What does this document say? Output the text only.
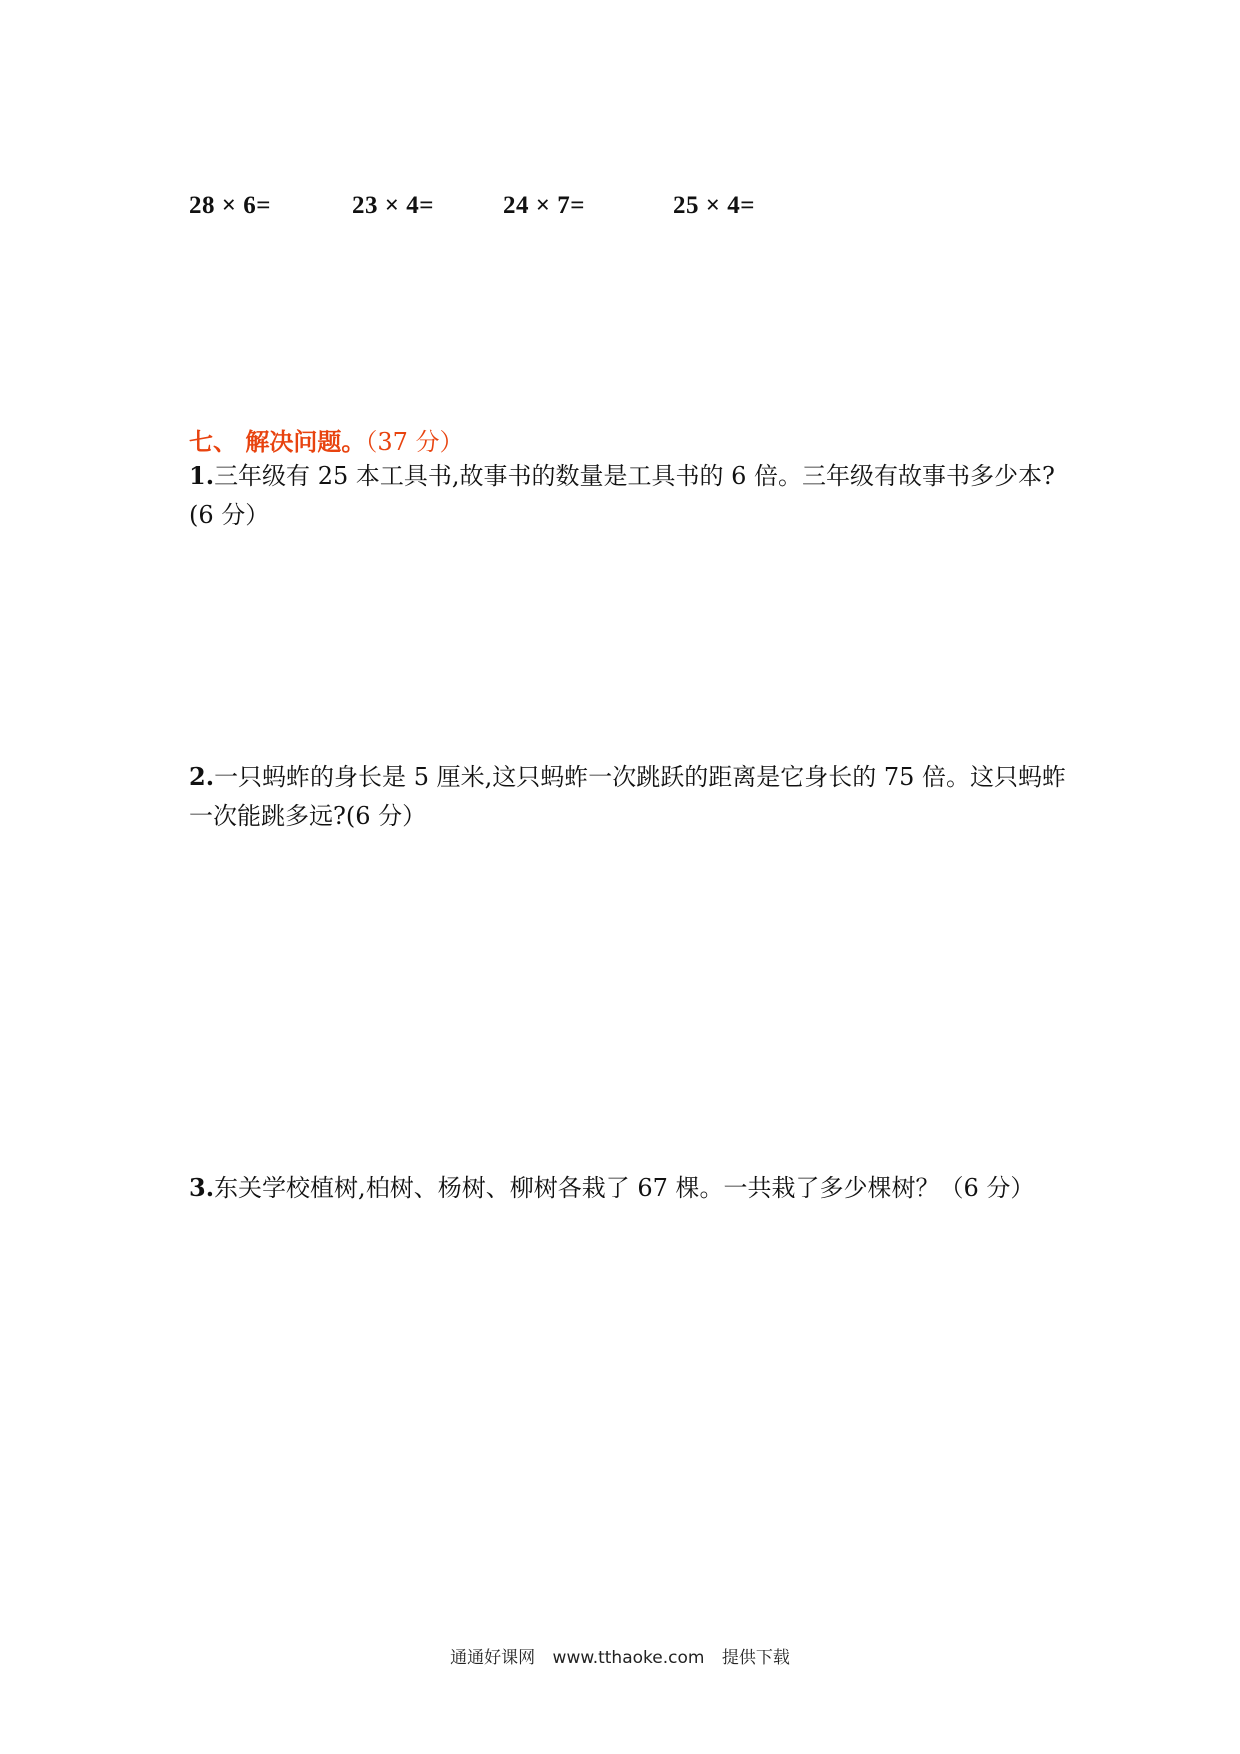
28 × 6=	23 × 4=	24 × 7=	25 × 4=
七、 解决问题。（37 分）
1.三年级有 25 本工具书,故事书的数量是工具书的 6 倍。三年级有故事书多少本?(6 分）
2.一只蚂蚱的身长是 5 厘米,这只蚂蚱一次跳跃的距离是它身长的 75 倍。这只蚂蚱一次能跳多远?(6 分）
3.东关学校植树,柏树、杨树、柳树各栽了 67 棵。一共栽了多少棵树？（6 分）
通通好课网 www.tthaoke.com 提供下载
